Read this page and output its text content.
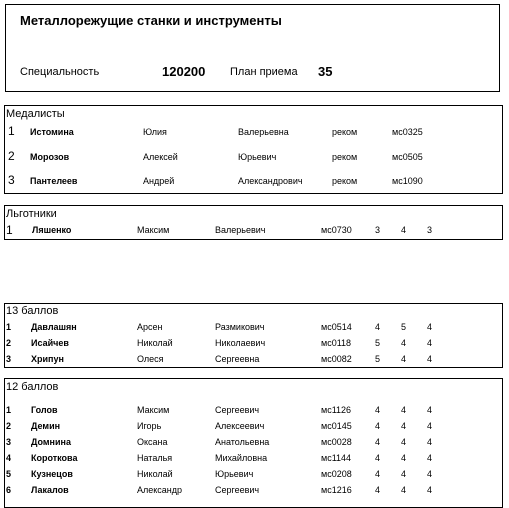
Металлорежущие станки и инструменты
Специальность	120200 План приема 35
Медалисты
1 Истомина	Юлия	Валерьевна	реком	мс0325
2 Морозов	Алексей	Юрьевич	реком	мс0505
3 Пантелеев	Андрей	Александрович	реком	мс1090
Льготники
1 Ляшенко	Максим	Валерьевич	мс0730	3 4 3
13 баллов
1 Давлашян	Арсен	Размикович	мс0514	4 5 4
2 Исайчев	Николай	Николаевич	мс0118	5 4 4
3 Хрипун	Олеся	Сергеевна	мс0082	5 4 4
12 баллов
1 Голов	Максим	Сергеевич	мс1126	4 4 4
2 Демин	Игорь	Алексеевич	мс0145	4 4 4
3 Домнина	Оксана	Анатольевна	мс0028	4 4 4
4 Короткова	Наталья	Михайловна	мс1144	4 4 4
5 Кузнецов	Николай	Юрьевич	мс0208	4 4 4
6 Лакалов	Александр	Сергеевич	мс1216	4 4 4
